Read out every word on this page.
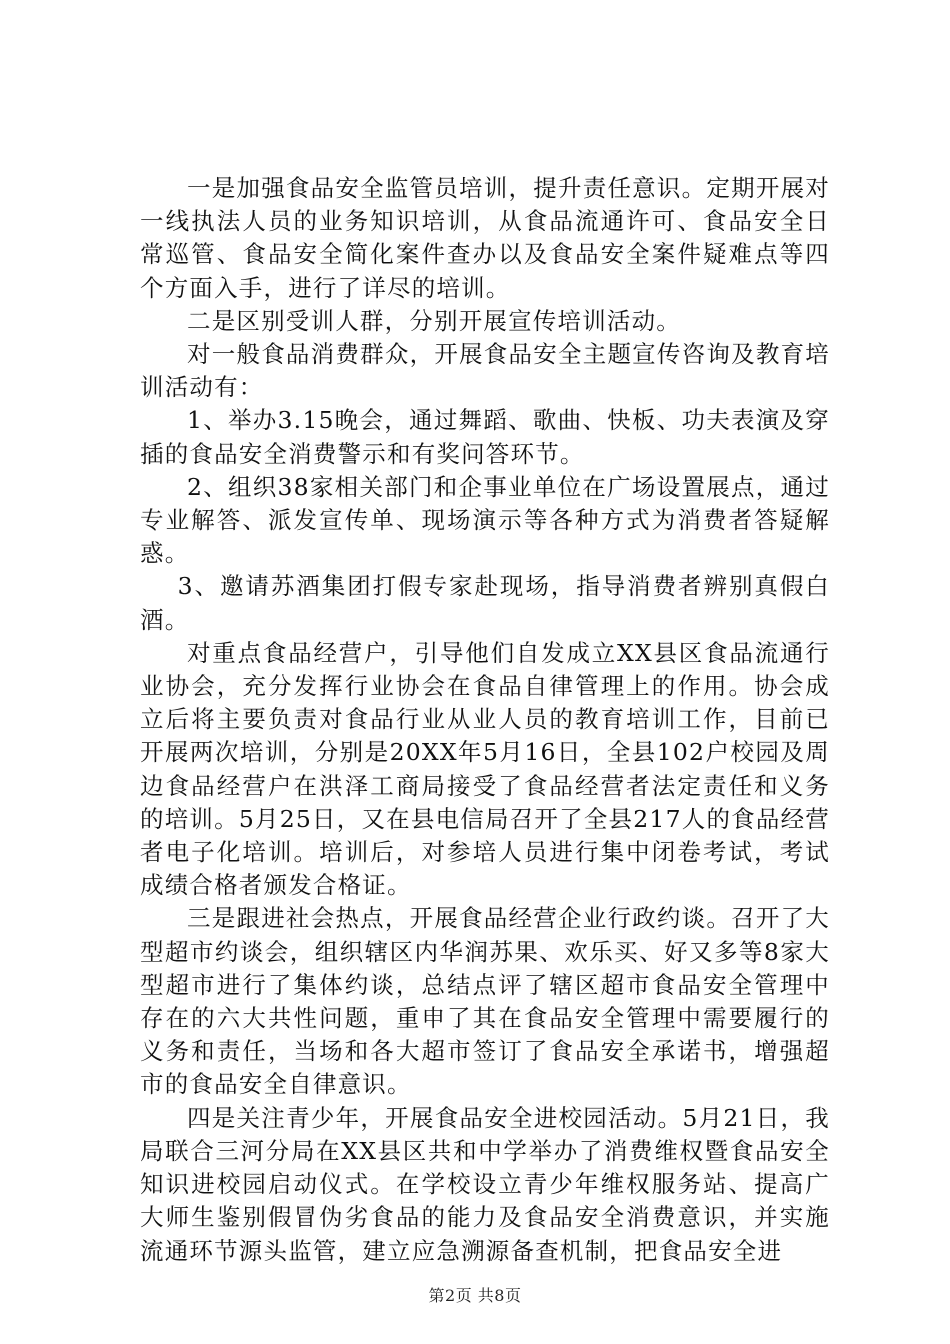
一是加强食品安全监管员培训，提升责任意识。定期开展对一线执法人员的业务知识培训，从食品流通许可、食品安全日常巡管、食品安全简化案件查办以及食品安全案件疑难点等四个方面入手，进行了详尽的培训。

二是区别受训人群，分别开展宣传培训活动。

对一般食品消费群众，开展食品安全主题宣传咨询及教育培训活动有：

1、举办3.15晚会，通过舞蹈、歌曲、快板、功夫表演及穿插的食品安全消费警示和有奖问答环节。

2、组织38家相关部门和企事业单位在广场设置展点，通过专业解答、派发宣传单、现场演示等各种方式为消费者答疑解惑。

3、邀请苏酒集团打假专家赴现场，指导消费者辨别真假白酒。

对重点食品经营户，引导他们自发成立XX县区食品流通行业协会，充分发挥行业协会在食品自律管理上的作用。协会成立后将主要负责对食品行业从业人员的教育培训工作，目前已开展两次培训，分别是20XX年5月16日，全县102户校园及周边食品经营户在洪泽工商局接受了食品经营者法定责任和义务的培训。5月25日，又在县电信局召开了全县217人的食品经营者电子化培训。培训后，对参培人员进行集中闭卷考试，考试成绩合格者颁发合格证。

三是跟进社会热点，开展食品经营企业行政约谈。召开了大型超市约谈会，组织辖区内华润苏果、欢乐买、好又多等8家大型超市进行了集体约谈，总结点评了辖区超市食品安全管理中存在的六大共性问题，重申了其在食品安全管理中需要履行的义务和责任，当场和各大超市签订了食品安全承诺书，增强超市的食品安全自律意识。

四是关注青少年，开展食品安全进校园活动。5月21日，我局联合三河分局在XX县区共和中学举办了消费维权暨食品安全知识进校园启动仪式。在学校设立青少年维权服务站、提高广大师生鉴别假冒伪劣食品的能力及食品安全消费意识，并实施流通环节源头监管，建立应急溯源备查机制，把食品安全进

第2页 共8页
